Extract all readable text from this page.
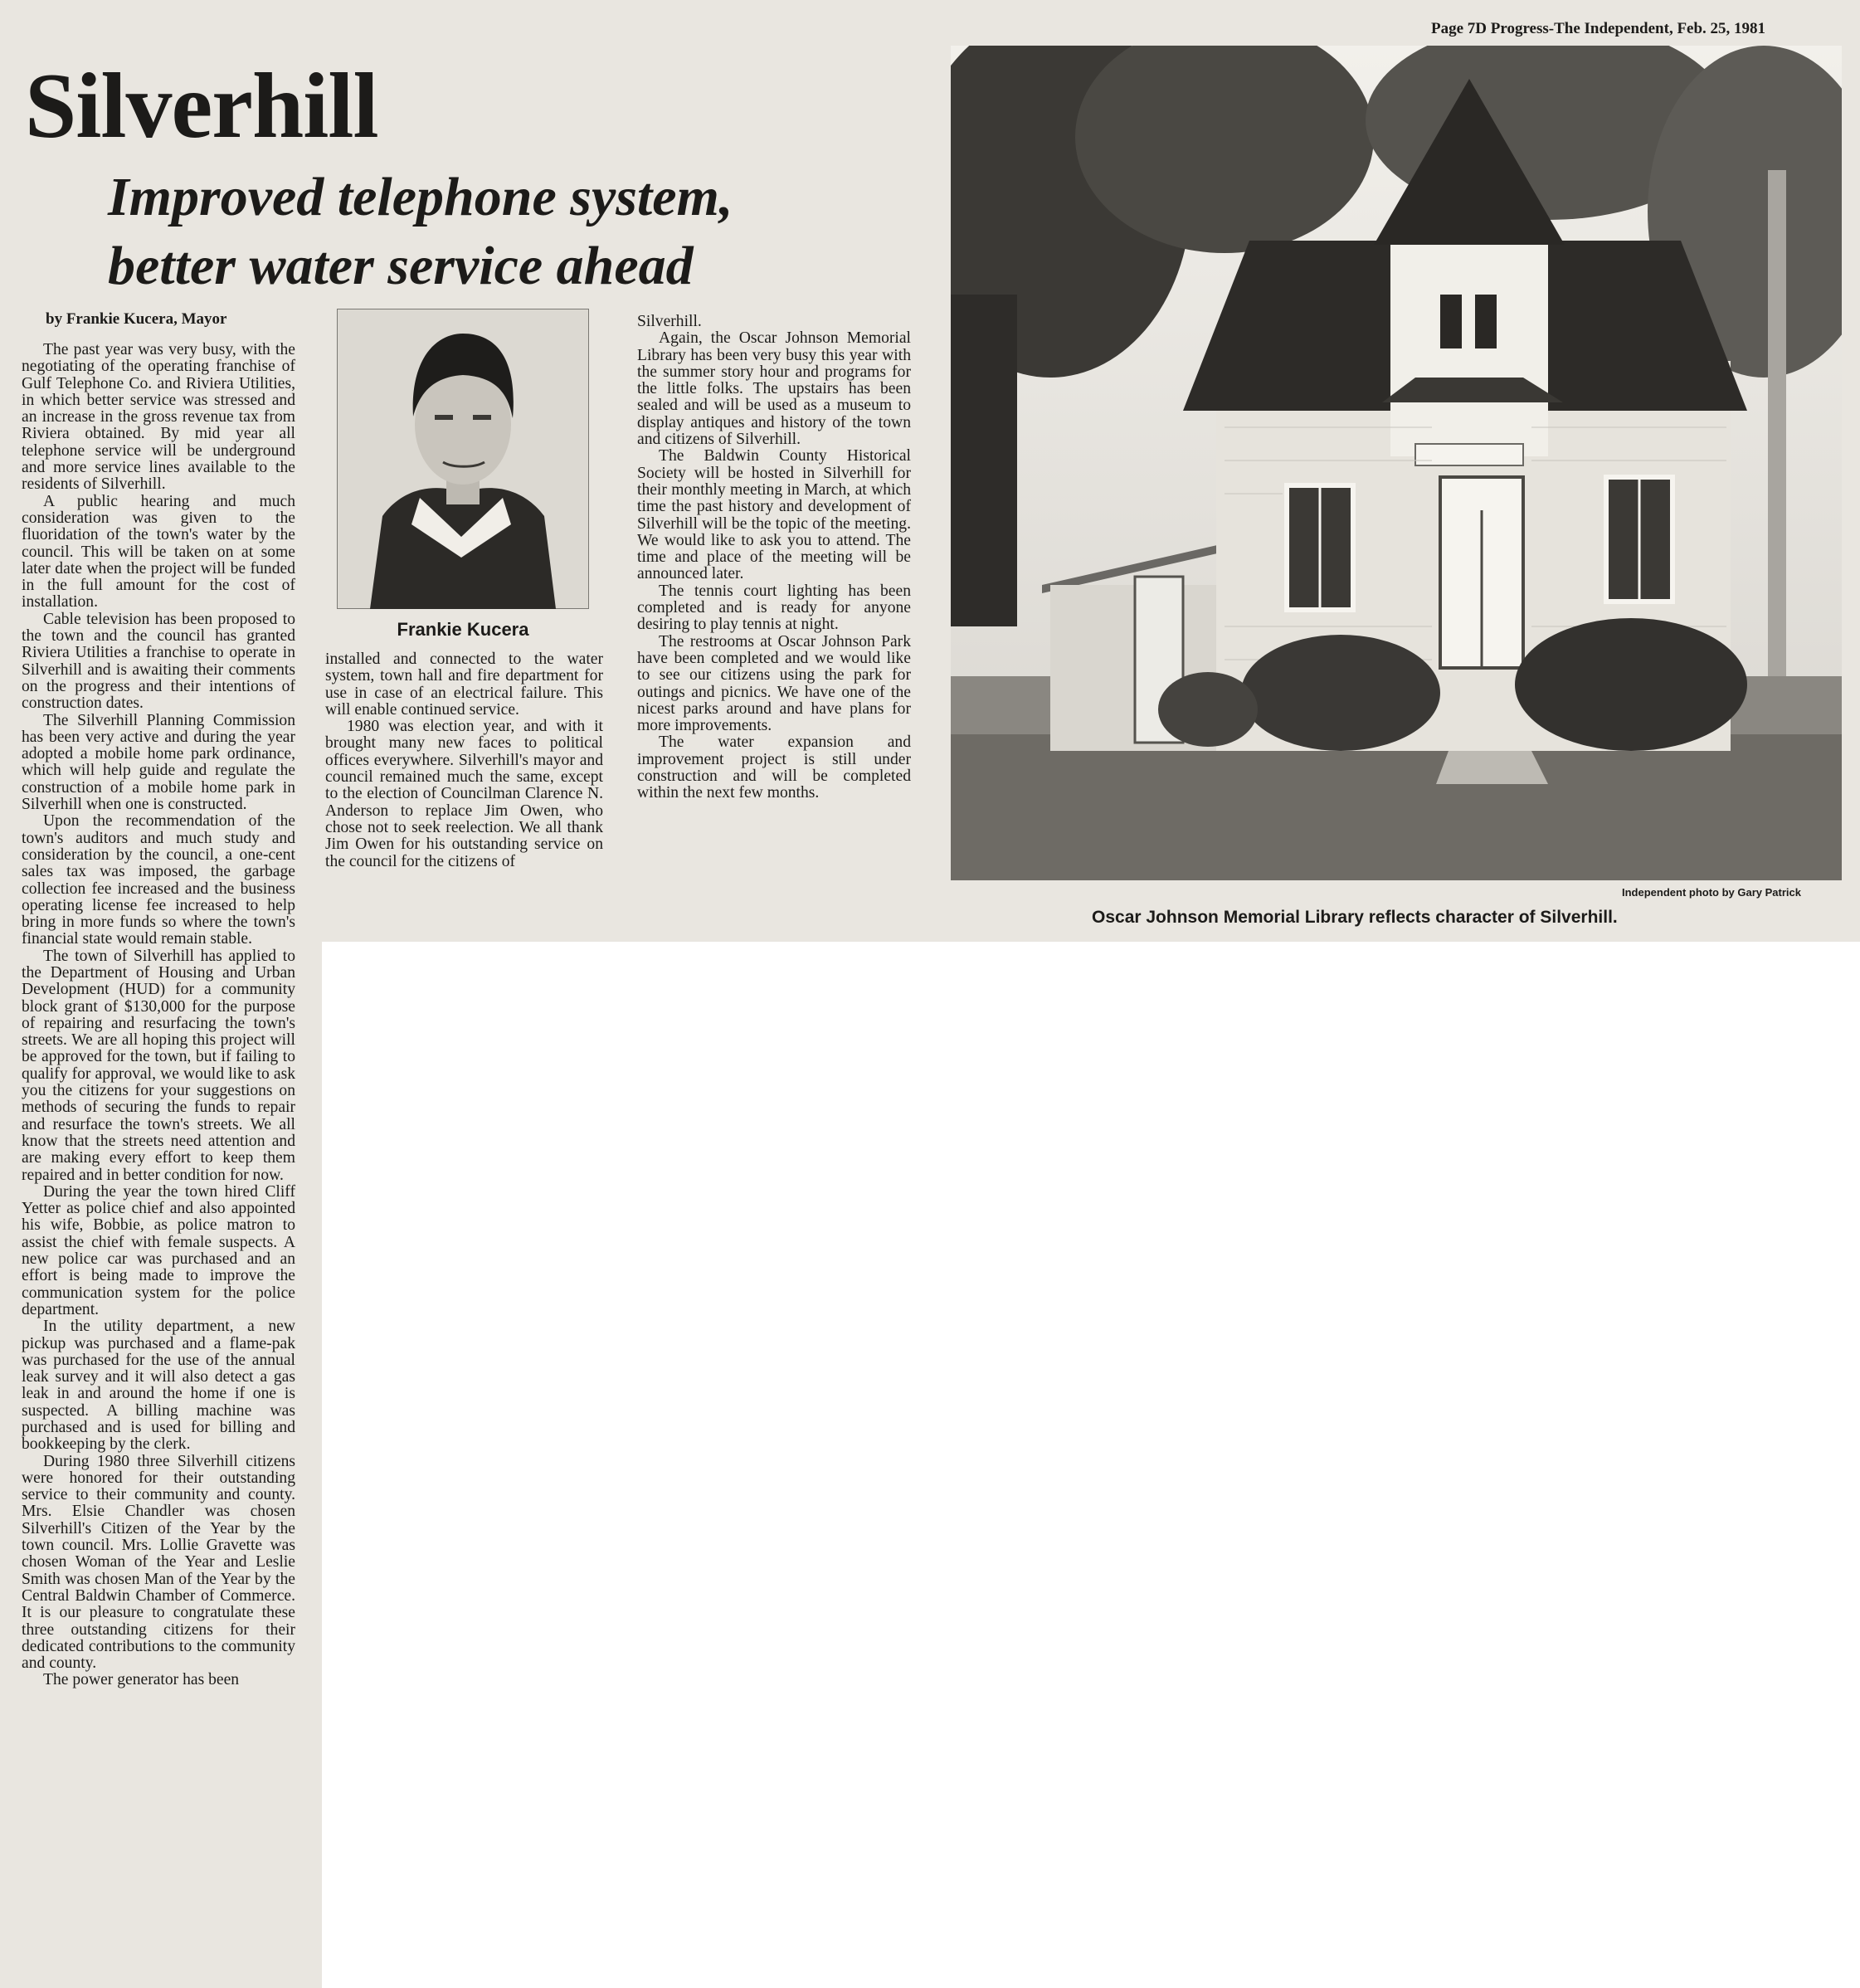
Page 7D Progress-The Independent, Feb. 25, 1981
Silverhill
Improved telephone system,
better water service ahead
by Frankie Kucera, Mayor

The past year was very busy, with the negotiating of the operating franchise of Gulf Telephone Co. and Riviera Utilities, in which better service was stressed and an increase in the gross revenue tax from Riviera obtained. By mid year all telephone service will be underground and more service lines available to the residents of Silverhill.

A public hearing and much consideration was given to the fluoridation of the town's water by the council. This will be taken on at some later date when the project will be funded in the full amount for the cost of installation.

Cable television has been proposed to the town and the council has granted Riviera Utilities a franchise to operate in Silverhill and is awaiting their comments on the progress and their intentions of construction dates.

The Silverhill Planning Commission has been very active and during the year adopted a mobile home park ordinance, which will help guide and regulate the construction of a mobile home park in Silverhill when one is constructed.

Upon the recommendation of the town's auditors and much study and consideration by the council, a one-cent sales tax was imposed, the garbage collection fee increased and the business operating license fee increased to help bring in more funds so where the town's financial state would remain stable.

The town of Silverhill has applied to the Department of Housing and Urban Development (HUD) for a community block grant of $130,000 for the purpose of repairing and resurfacing the town's streets. We are all hoping this project will be approved for the town, but if failing to qualify for approval, we would like to ask you the citizens for your suggestions on methods of securing the funds to repair and resurface the town's streets. We all know that the streets need attention and are making every effort to keep them repaired and in better condition for now.

During the year the town hired Cliff Yetter as police chief and also appointed his wife, Bobbie, as police matron to assist the chief with female suspects. A new police car was purchased and an effort is being made to improve the communication system for the police department.

In the utility department, a new pickup was purchased and a flame-pak was purchased for the use of the annual leak survey and it will also detect a gas leak in and around the home if one is suspected. A billing machine was purchased and is used for billing and bookkeeping by the clerk.

During 1980 three Silverhill citizens were honored for their outstanding service to their community and county. Mrs. Elsie Chandler was chosen Silverhill's Citizen of the Year by the town council. Mrs. Lollie Gravette was chosen Woman of the Year and Leslie Smith was chosen Man of the Year by the Central Baldwin Chamber of Commerce. It is our pleasure to congratulate these three outstanding citizens for their dedicated contributions to the community and county.

The power generator has been

Frankie Kucera

installed and connected to the water system, town hall and fire department for use in case of an electrical failure. This will enable continued service.

1980 was election year, and with it brought many new faces to political offices everywhere. Silverhill's mayor and council remained much the same, except to the election of Councilman Clarence N. Anderson to replace Jim Owen, who chose not to seek reelection. We all thank Jim Owen for his outstanding service on the council for the citizens of

Silverhill.

Again, the Oscar Johnson Memorial Library has been very busy this year with the summer story hour and programs for the little folks. The upstairs has been sealed and will be used as a museum to display antiques and history of the town and citizens of Silverhill.

The Baldwin County Historical Society will be hosted in Silverhill for their monthly meeting in March, at which time the past history and development of Silverhill will be the topic of the meeting. We would like to ask you to attend. The time and place of the meeting will be announced later.

The tennis court lighting has been completed and is ready for anyone desiring to play tennis at night.

The restrooms at Oscar Johnson Park have been completed and we would like to see our citizens using the park for outings and picnics. We have one of the nicest parks around and have plans for more improvements.

The water expansion and improvement project is still under construction and will be completed within the next few months.

Independent photo by Gary Patrick
Oscar Johnson Memorial Library reflects character of Silverhill.
